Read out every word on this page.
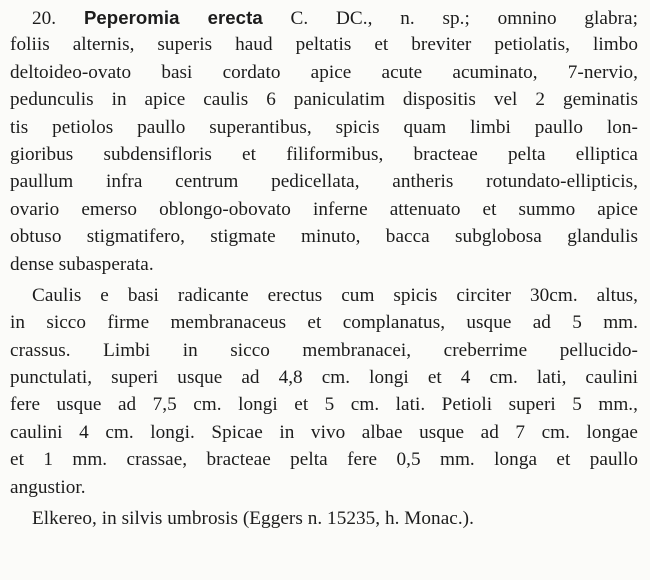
20. Peperomia erecta C. DC., n. sp.; omnino glabra;
foliis alternis, superis haud peltatis et breviter petiolatis, limbo
deltoideo-ovato basi cordato apice acute acuminato, 7-nervio,
pedunculis in apice caulis 6 paniculatim dispositis vel 2 geminatis
tis petiolos paullo superantibus, spicis quam limbi paullo lon-
gioribus subdensifloris et filiformibus, bracteae pelta elliptica
paullum infra centrum pedicellata, antheris rotundato-ellipticis,
ovario emerso oblongo-obovato inferne attenuato et summo apice
obtuso stigmatifero, stigmate minuto, bacca subglobosa glandulis
dense subasperata.
Caulis e basi radicante erectus cum spicis circiter 30cm. altus,
in sicco firme membranaceus et complanatus, usque ad 5 mm.
crassus. Limbi in sicco membranacei, creberrime pellucido-
punctulati, superi usque ad 4,8 cm. longi et 4 cm. lati, caulini
fere usque ad 7,5 cm. longi et 5 cm. lati. Petioli superi 5 mm.,
caulini 4 cm. longi. Spicae in vivo albae usque ad 7 cm. longae
et 1 mm. crassae, bracteae pelta fere 0,5 mm. longa et paullo
angustior.
Elkereo, in silvis umbrosis (Eggers n. 15235, h. Monac.).
